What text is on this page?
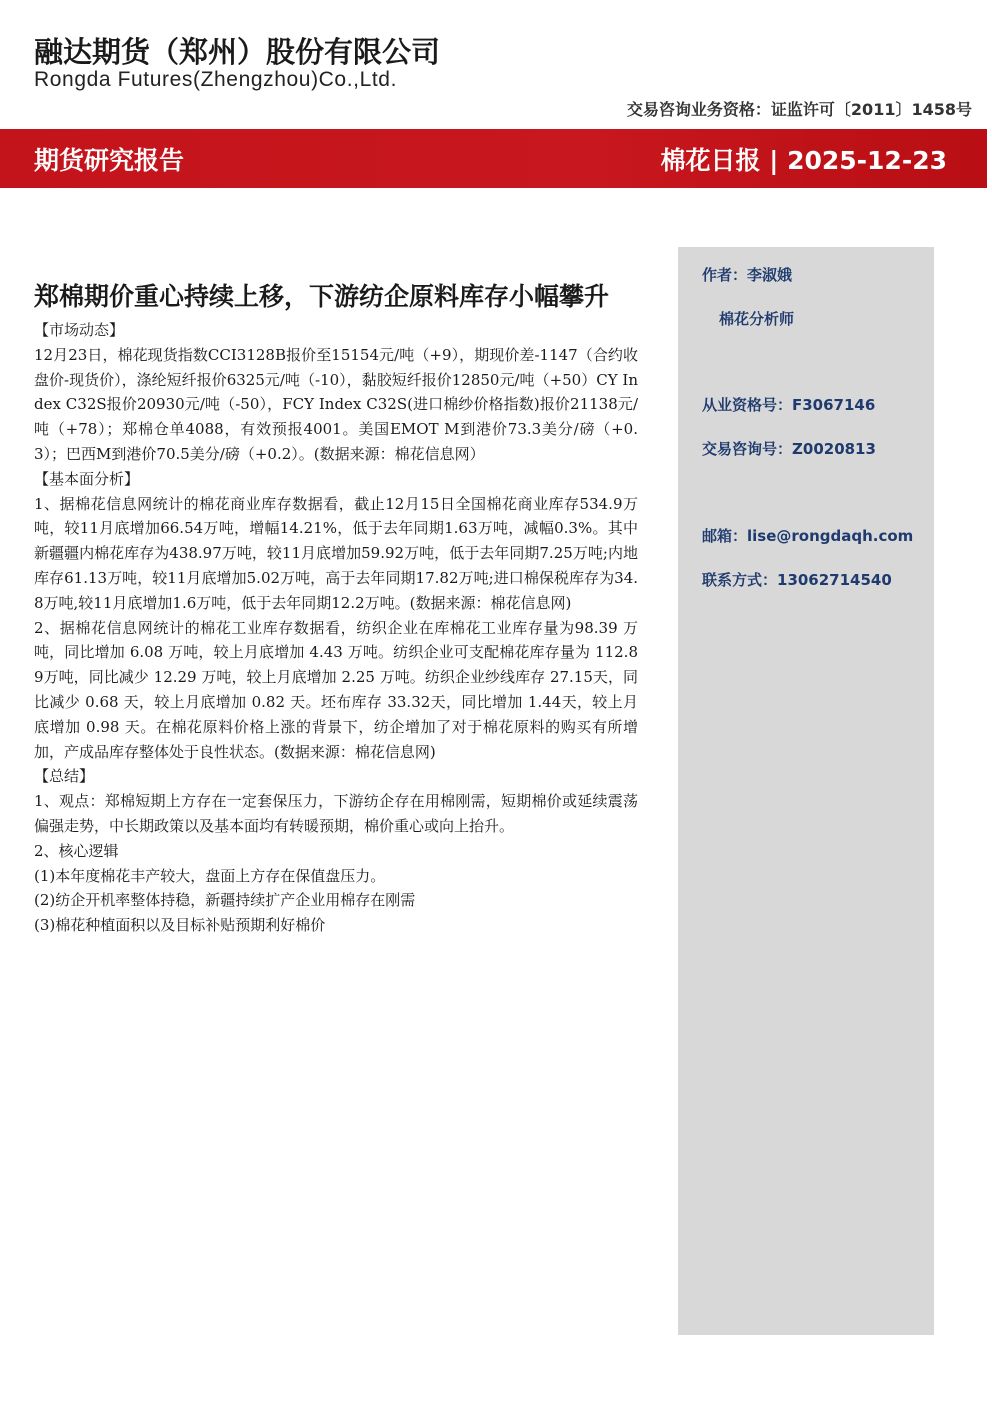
融达期货（郑州）股份有限公司
Rongda Futures(Zhengzhou)Co.,Ltd.
交易咨询业务资格：证监许可〔2011〕1458号
期货研究报告	棉花日报 | 2025-12-23
作者：李淑娥
棉花分析师
从业资格号：F3067146
交易咨询号：Z0020813
邮箱：lise@rongdaqh.com
联系方式：13062714540
郑棉期价重心持续上移，下游纺企原料库存小幅攀升

【市场动态】

12月23日，棉花现货指数CCI3128B报价至15154元/吨（+9），期现价差-1147（合约收盘价-现货价），涤纶短纤报价6325元/吨（-10），黏胶短纤报价12850元/吨（+50）CY Index C32S报价20930元/吨（-50），FCY Index C32S(进口棉纱价格指数)报价21138元/吨（+78）；郑棉仓单4088，有效预报4001。美国EMOT M到港价73.3美分/磅（+0.3）；巴西M到港价70.5美分/磅（+0.2）。(数据来源：棉花信息网）

【基本面分析】

1、据棉花信息网统计的棉花商业库存数据看，截止12月15日全国棉花商业库存534.9万吨，较11月底增加66.54万吨，增幅14.21%，低于去年同期1.63万吨，减幅0.3%。其中新疆疆内棉花库存为438.97万吨，较11月底增加59.92万吨，低于去年同期7.25万吨;内地库存61.13万吨，较11月底增加5.02万吨，高于去年同期17.82万吨;进口棉保税库存为34.8万吨,较11月底增加1.6万吨，低于去年同期12.2万吨。(数据来源：棉花信息网)

2、据棉花信息网统计的棉花工业库存数据看，纺织企业在库棉花工业库存量为98.39 万吨，同比增加 6.08 万吨，较上月底增加 4.43 万吨。纺织企业可支配棉花库存量为 112.89万吨，同比减少 12.29 万吨，较上月底增加 2.25 万吨。纺织企业纱线库存 27.15天，同比减少 0.68 天，较上月底增加 0.82 天。坯布库存 33.32天，同比增加 1.44天，较上月底增加 0.98 天。在棉花原料价格上涨的背景下，纺企增加了对于棉花原料的购买有所增加，产成品库存整体处于良性状态。(数据来源：棉花信息网)

【总结】

1、观点：郑棉短期上方存在一定套保压力，下游纺企存在用棉刚需，短期棉价或延续震荡偏强走势，中长期政策以及基本面均有转暖预期，棉价重心或向上抬升。

2、核心逻辑

(1)本年度棉花丰产较大，盘面上方存在保值盘压力。

(2)纺企开机率整体持稳，新疆持续扩产企业用棉存在刚需

(3)棉花种植面积以及目标补贴预期利好棉价
